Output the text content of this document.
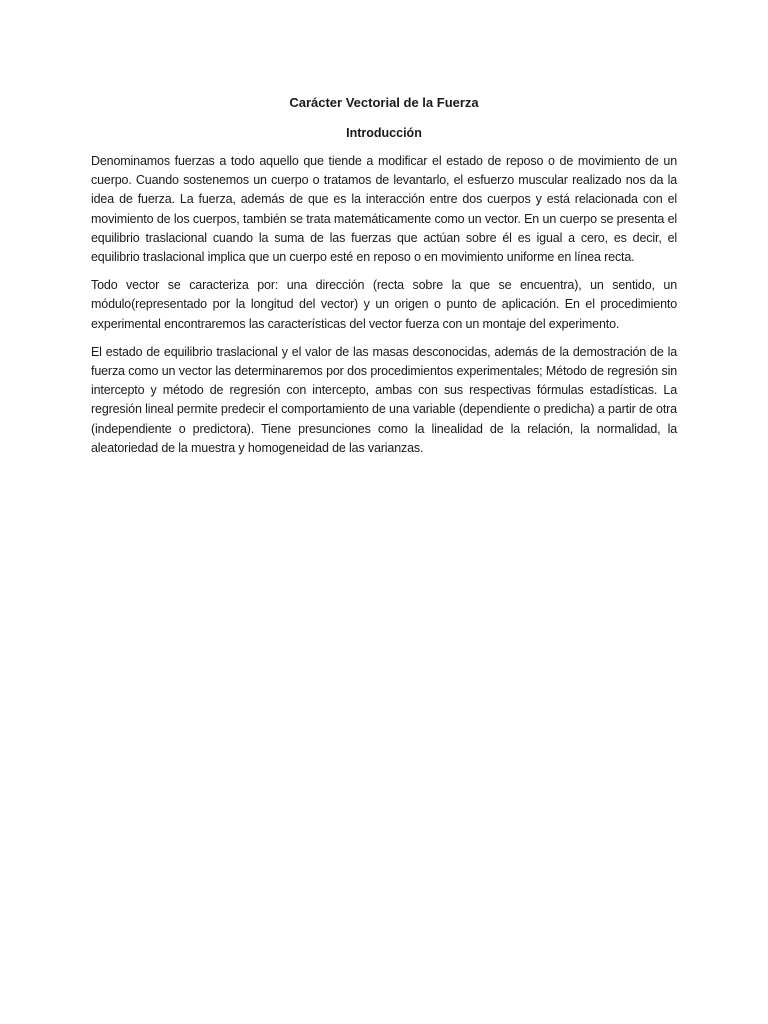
Carácter Vectorial de la Fuerza
Introducción

Denominamos fuerzas a todo aquello que tiende a modificar el estado de reposo o de movimiento de un cuerpo. Cuando sostenemos un cuerpo o tratamos de levantarlo, el esfuerzo muscular realizado nos da la idea de fuerza. La fuerza, además de que es la interacción entre dos cuerpos y está relacionada con el movimiento de los cuerpos, también se trata matemáticamente como un vector. En un cuerpo se presenta el equilibrio traslacional cuando la suma de las fuerzas que actúan sobre él es igual a cero, es decir, el equilibrio traslacional implica que un cuerpo esté en reposo o en movimiento uniforme en línea recta.

Todo vector se caracteriza por: una dirección (recta sobre la que se encuentra), un sentido, un módulo(representado por la longitud del vector) y un origen o punto de aplicación. En el procedimiento experimental encontraremos las características del vector fuerza con un montaje del experimento.

El estado de equilibrio traslacional y el valor de las masas desconocidas, además de la demostración de la fuerza como un vector las determinaremos por dos procedimientos experimentales; Método de regresión sin intercepto y método de regresión con intercepto, ambas con sus respectivas fórmulas estadísticas. La regresión lineal permite predecir el comportamiento de una variable (dependiente o predicha) a partir de otra (independiente o predictora). Tiene presunciones como la linealidad de la relación, la normalidad, la aleatoriedad de la muestra y homogeneidad de las varianzas.
